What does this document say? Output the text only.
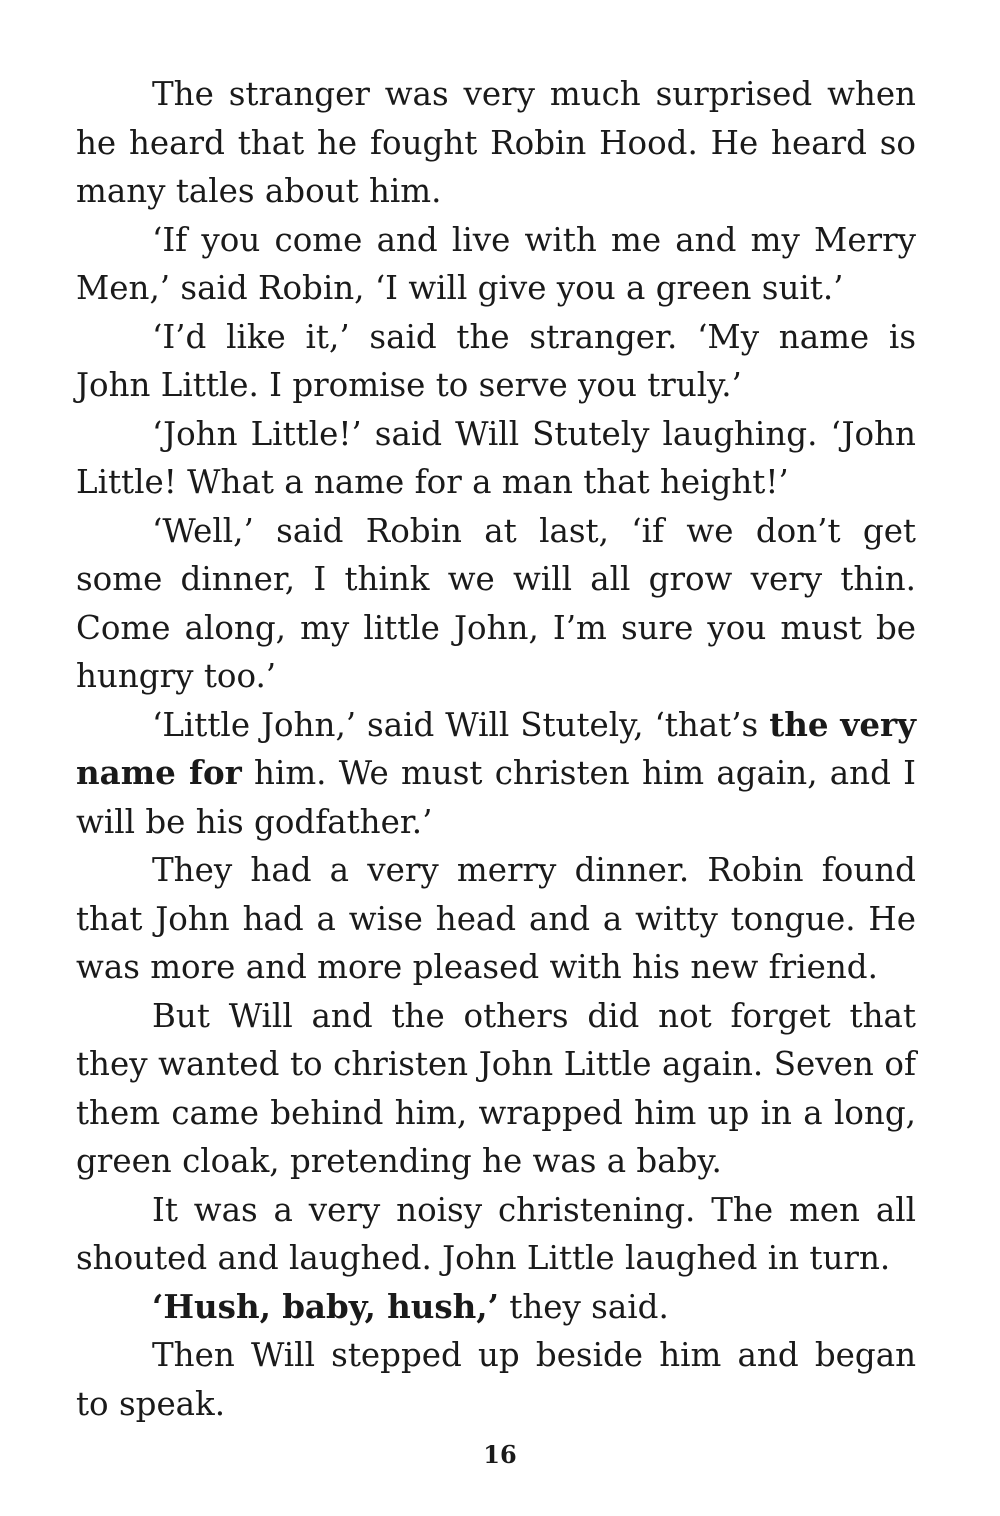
The stranger was very much surprised when he heard that he fought Robin Hood. He heard so many tales about him.

‘If you come and live with me and my Merry Men,’ said Robin, ‘I will give you a green suit.’

‘I’d like it,’ said the stranger. ‘My name is John Little. I promise to serve you truly.’

‘John Little!’ said Will Stutely laughing. ‘John Little! What a name for a man that height!’

‘Well,’ said Robin at last, ‘if we don’t get some dinner, I think we will all grow very thin. Come along, my little John, I’m sure you must be hungry too.’

‘Little John,’ said Will Stutely, ‘that’s the very name for him. We must christen him again, and I will be his godfather.’

They had a very merry dinner. Robin found that John had a wise head and a witty tongue. He was more and more pleased with his new friend.

But Will and the others did not forget that they wanted to christen John Little again. Seven of them came behind him, wrapped him up in a long, green cloak, pretending he was a baby.

It was a very noisy christening. The men all shouted and laughed. John Little laughed in turn.

‘Hush, baby, hush,’ they said.

Then Will stepped up beside him and began to speak.

16
